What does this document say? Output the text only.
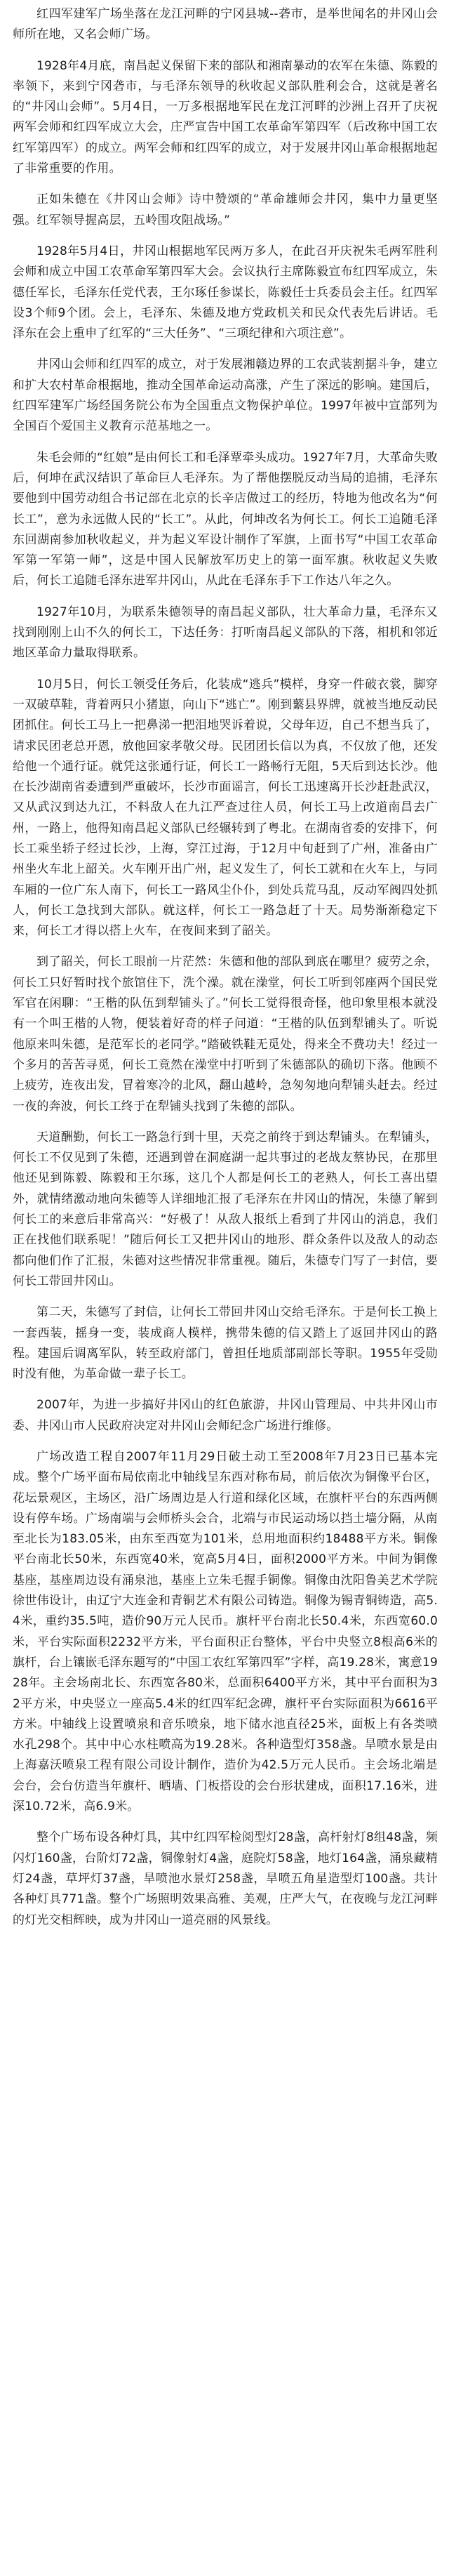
红四军建军广场坐落在龙江河畔的宁冈县城--砻市，是举世闻名的井冈山会师所在地，又名会师广场。

1928年4月底，南昌起义保留下来的部队和湘南暴动的农军在朱德、陈毅的率领下，来到宁冈砻市，与毛泽东领导的秋收起义部队胜利会合，这就是著名的“井冈山会师”。5月4日，一万多根据地军民在龙江河畔的沙洲上召开了庆祝两军会师和红四军成立大会，庄严宣告中国工农革命军第四军（后改称中国工农红军第四军）的成立。两军会师和红四军的成立，对于发展井冈山革命根据地起了非常重要的作用。

正如朱德在《井冈山会师》诗中赞颂的“革命雄师会井冈，集中力量更坚强。红军领导握高层，五岭围攻阻战场。”

1928年5月4日，井冈山根据地军民两万多人，在此召开庆祝朱毛两军胜利会师和成立中国工农革命军第四军大会。会议执行主席陈毅宣布红四军成立，朱德任军长，毛泽东任党代表，王尔琢任参谋长，陈毅任士兵委员会主任。红四军设3个师9个团。会上，毛泽东、朱德及地方党政机关和民众代表先后讲话。毛泽东在会上重申了红军的“三大任务”、“三项纪律和六项注意”。

井冈山会师和红四军的成立，对于发展湘赣边界的工农武装割据斗争，建立和扩大农村革命根据地，推动全国革命运动高涨，产生了深远的影响。建国后，红四军建军广场经国务院公布为全国重点文物保护单位。1997年被中宣部列为全国百个爱国主义教育示范基地之一。

朱毛会师的“红娘”是由何长工和毛泽覃牵头成功。1927年7月，大革命失败后，何坤在武汉结识了革命巨人毛泽东。为了帮他摆脱反动当局的追捕，毛泽东要他到中国劳动组合书记部在北京的长辛店做过工的经历，特地为他改名为“何长工”，意为永远做人民的“长工”。从此，何坤改名为何长工。何长工追随毛泽东回湖南参加秋收起义，并为起义军设计制作了军旗，上面书写“中国工农革命军第一军第一师”，这是中国人民解放军历史上的第一面军旗。秋收起义失败后，何长工追随毛泽东进军井冈山，从此在毛泽东手下工作达八年之久。

1927年10月，为联系朱德领导的南昌起义部队，壮大革命力量，毛泽东又找到刚刚上山不久的何长工，下达任务：打听南昌起义部队的下落，相机和邻近地区革命力量取得联系。

10月5日，何长工领受任务后，化装成“逃兵”模样，身穿一件破衣裳，脚穿一双破草鞋，背着两只小猪崽，向山下“逃亡”。刚到蘩县界牌，就被当地反动民团抓住。何长工马上一把鼻涕一把泪地哭诉着说，父母年迈，自己不想当兵了，请求民团老总开恩，放他回家孝敬父母。民团团长信以为真，不仅放了他，还发给他一个通行证。就凭这张通行证，何长工一路畅行无阻，5天后到达长沙。他在长沙湖南省委遭到严重破坏，长沙市面谣言，何长工迅速离开长沙赶赴武汉，又从武汉到达九江，不料敌人在九江严查过往人员，何长工马上改道南昌去广州，一路上，他得知南昌起义部队已经辗转到了粤北。在湖南省委的安排下，何长工乘坐轿子经过长沙，上海，穿江过海，于12月中旬赶到了广州，准备由广州坐火车北上韶关。火车刚开出广州，起义发生了，何长工就和在火车上，与同车厢的一位广东人南下，何长工一路风尘仆仆，到处兵荒马乱，反动军阀四处抓人，何长工急找到大部队。就这样，何长工一路急赶了十天。局势渐渐稳定下来，何长工才得以搭上火车，在夜间来到了韶关。

到了韶关，何长工眼前一片茫然：朱德和他的部队到底在哪里？疲劳之余，何长工只好暂时找个旅馆住下，洗个澡。就在澡堂，何长工听到邻座两个国民党军官在闲聊：“王楷的队伍到犁铺头了。”何长工觉得很奇怪，他印象里根本就没有一个叫王楷的人物，便装着好奇的样子问道：“王楷的队伍到犁铺头了。听说他原来叫朱德，是范军长的老同学。”踏破铁鞋无觅处，得来全不费功夫！经过一个多月的苦苦寻觅，何长工竟然在澡堂中打听到了朱德部队的确切下落。他顾不上疲劳，连夜出发，冒着寒冷的北风，翻山越岭，急匆匆地向犁铺头赶去。经过一夜的奔波，何长工终于在犁铺头找到了朱德的部队。

天道酬勤，何长工一路急行到十里，天亮之前终于到达犁铺头。在犁铺头，何长工不仅见到了朱德，还遇到曾在洞庭湖一起共事过的老战友蔡协民，在那里他还见到陈毅、陈毅和王尔琢，这几个人都是何长工的老熟人，何长工喜出望外，就情绪激动地向朱德等人详细地汇报了毛泽东在井冈山的情况，朱德了解到何长工的来意后非常高兴：“好极了！从敌人报纸上看到了井冈山的消息，我们正在找他们联系呢！”随后何长工又把井冈山的地形、群众条件以及敌人的动态都向他们作了汇报，朱德对这些情况非常重视。随后，朱德专门写了一封信，要何长工带回井冈山。

第二天，朱德写了封信，让何长工带回井冈山交给毛泽东。于是何长工换上一套西装，摇身一变，装成商人模样，携带朱德的信又踏上了返回井冈山的路程。建国后调离军队，转至政府部门，曾担任地质部副部长等职。1955年受勋时没有他，为革命做一辈子长工。

2007年，为进一步搞好井冈山的红色旅游，井冈山管理局、中共井冈山市委、井冈山市人民政府决定对井冈山会师纪念广场进行维修。

广场改造工程自2007年11月29日破土动工至2008年7月23日已基本完成。整个广场平面布局依南北中轴线呈东西对称布局，前后依次为铜像平台区，花坛景观区，主场区，沿广场周边是人行道和绿化区域，在旗杆平台的东西两侧设有停车场。广场南端与会师桥头会合，北端与市民运动场以挡土墙分隔，从南至北长为183.05米，由东至西宽为101米，总用地面积约18488平方米。铜像平台南北长50米，东西宽40米，宽高5月4日，面积2000平方米。中间为铜像基座，基座周边设有涌泉池，基座上立朱毛握手铜像。铜像由沈阳鲁美艺术学院徐世伟设计，由辽宁大连金和青铜艺术有限公司铸造。铜像为锡青铜铸造，高5.4米，重约35.5吨，造价90万元人民币。旗杆平台南北长50.4米，东西宽60.0米，平台实际面积2232平方米，平台面积正台整体，平台中央竖立8根高6米的旗杆，台上镶嵌毛泽东题写的“中国工农红军第四军”字样，高19.28米，寓意1928年。主会场南北长、东西宽各80米，总面积6400平方米，其中平台面积为32平方米，中央竖立一座高5.4米的红四军纪念碑，旗杆平台实际面积为6616平方米。中轴线上设置喷泉和音乐喷泉，地下储水池直径25米，面板上有各类喷水孔298个。其中中心水柱喷高为19.28米。各种造型灯358盏。旱喷水景是由上海嘉沃喷泉工程有限公司设计制作，造价为42.5万元人民币。主会场北端是会台，会台仿造当年旗杆、晒墙、门板搭设的会台形状建成，面积17.16米，进深10.72米，高6.9米。

整个广场布设各种灯具，其中红四军检阅型灯28盏，高杆射灯8组48盏，频闪灯160盏，台阶灯72盏，铜像射灯4盏，庭院灯58盏，地灯164盏，涌泉藏精灯24盏，草坪灯37盏，旱喷池水景灯258盏，旱喷五角星造型灯100盏。共计各种灯具771盏。整个广场照明效果高雅、美观，庄严大气，在夜晚与龙江河畔的灯光交相辉映，成为井冈山一道亮丽的风景线。
